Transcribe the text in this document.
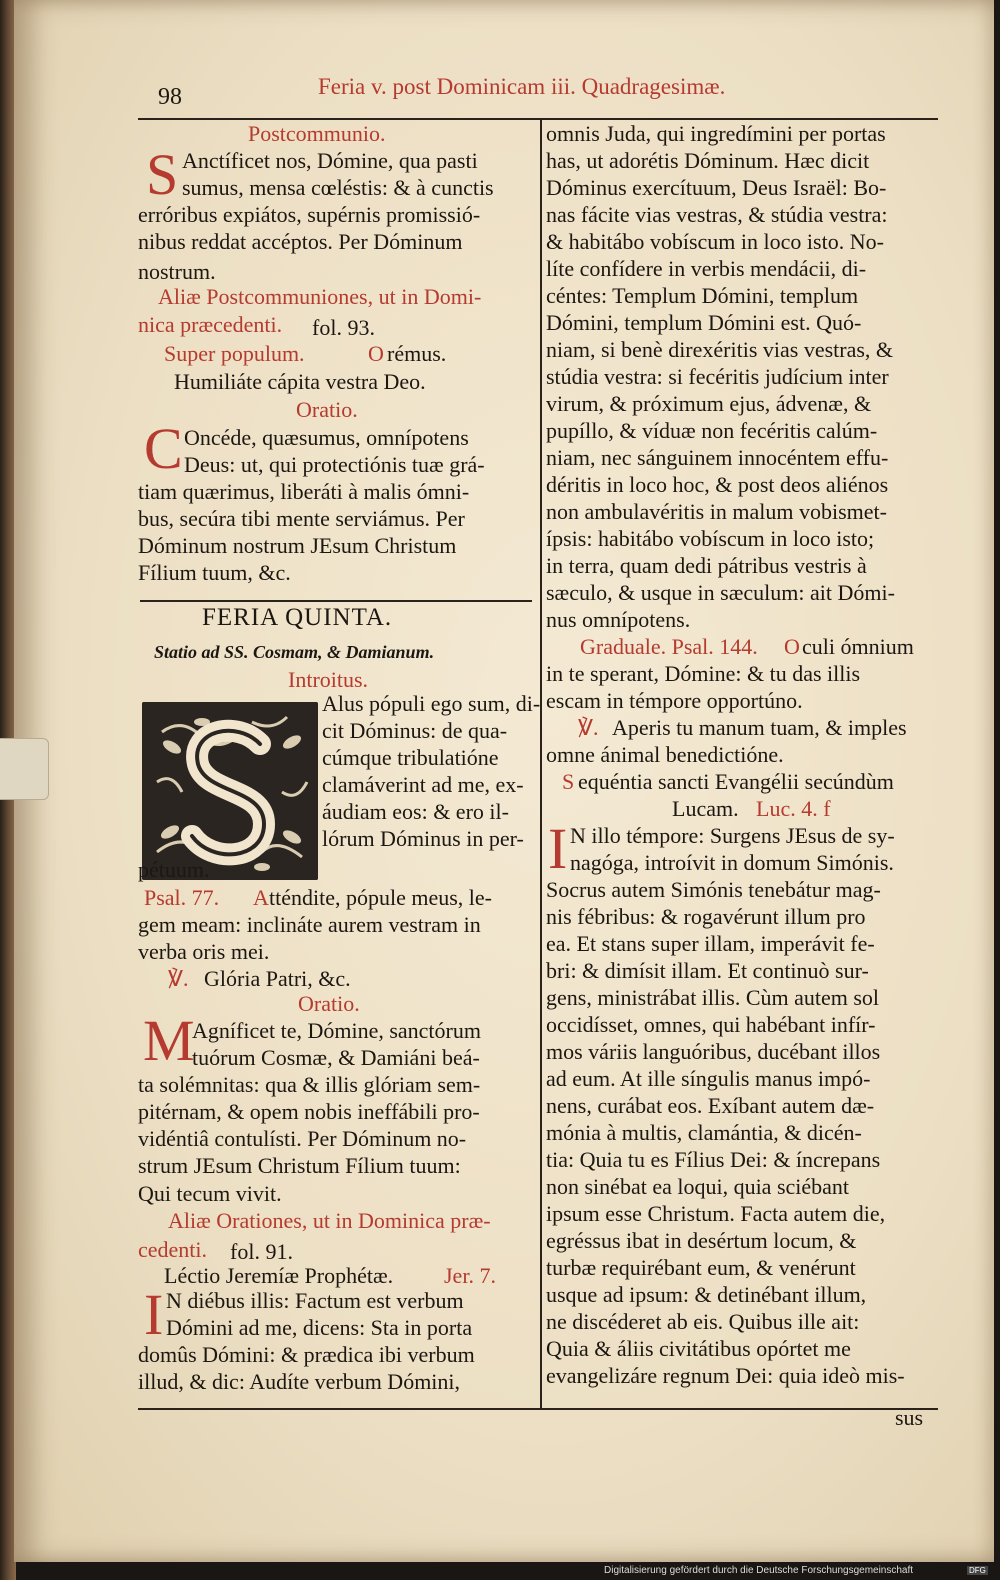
98	Feria v. post Dominicam iii. Quadragesimæ.
Postcommunio.
S Anctíficet nos, Dómine, qua pasti
sumus, mensa cœléstis: & à cunctis
erróribus expiátos, supérnis promissió-
nibus reddat accéptos. Per Dóminum
nostrum.
Aliæ Postcommuniones, ut in Domi-
nica præcedenti. fol. 93.
Super populum.	O rémus.
Humiliáte cápita vestra Deo.
Oratio.
C Oncéde, quæsumus, omnípotens
Deus: ut, qui protectiónis tuæ grá-
tiam quærimus, liberáti à malis ómni-
bus, secúra tibi mente serviámus. Per
Dóminum nostrum JEsum Christum
Fílium tuum, &c.
FERIA QUINTA.
Statio ad SS. Cosmam, & Damianum.
Introitus.
Alus pópuli ego sum, di-
cit Dóminus: de qua-
cúmque tribulatióne
clamáverint ad me, ex-
áudiam eos: & ero il-
lórum Dóminus in per-
pétuum.
Psal. 77. A tténdite, pópule meus, le-
gem meam: inclináte aurem vestram in
verba oris mei.
℣. Glória Patri, &c.
Oratio.
M
Agníficet te, Dómine, sanctórum
tuórum Cosmæ, & Damiáni beá-
ta solémnitas: qua & illis glóriam sem-
pitérnam, & opem nobis ineffábili pro-
vidéntiâ contulísti. Per Dóminum no-
strum JEsum Christum Fílium tuum:
Qui tecum vivit.
Aliæ Orationes, ut in Dominica præ-
cedenti. fol. 91.
Léctio Jeremíæ Prophétæ. Jer. 7.
I N diébus illis: Factum est verbum
Dómini ad me, dicens: Sta in porta
domûs Dómini: & prædica ibi verbum
illud, & dic: Audíte verbum Dómini,
omnis Juda, qui ingredímini per portas
has, ut adorétis Dóminum. Hæc dicit
Dóminus exercítuum, Deus Israël: Bo-
nas fácite vias vestras, & stúdia vestra:
& habitábo vobíscum in loco isto. No-
líte confídere in verbis mendácii, di-
céntes: Templum Dómini, templum
Dómini, templum Dómini est. Quó-
niam, si benè direxéritis vias vestras, &
stúdia vestra: si fecéritis judícium inter
virum, & próximum ejus, ádvenæ, &
pupíllo, & víduæ non fecéritis calúm-
niam, nec sánguinem innocéntem effu-
déritis in loco hoc, & post deos aliénos
non ambulavéritis in malum vobismet-
ípsis: habitábo vobíscum in loco isto;
in terra, quam dedi pátribus vestris à
sæculo, & usque in sæculum: ait Dómi-
nus omnípotens.
Graduale. Psal. 144. O culi ómnium
in te sperant, Dómine: & tu das illis
escam in témpore opportúno.
℣. Aperis tu manum tuam, & imples
omne ánimal benedictióne.
S equéntia sancti Evangélii secúndùm
Lucam. Luc. 4. f
I N illo témpore: Surgens JEsus de sy-
nagóga, introívit in domum Simónis.
Socrus autem Simónis tenebátur mag-
nis fébribus: & rogavérunt illum pro
ea. Et stans super illam, imperávit fe-
bri: & dimísit illam. Et continuò sur-
gens, ministrábat illis. Cùm autem sol
occidísset, omnes, qui habébant infír-
mos váriis languóribus, ducébant illos
ad eum. At ille síngulis manus impó-
nens, curábat eos. Exíbant autem dæ-
mónia à multis, clamántia, & dicén-
tia: Quia tu es Fílius Dei: & íncrepans
non sinébat ea loqui, quia sciébant
ipsum esse Christum. Facta autem die,
egréssus ibat in desértum locum, &
turbæ requirébant eum, & venérunt
usque ad ipsum: & detinébant illum,
ne discéderet ab eis. Quibus ille ait:
Quia & áliis civitátibus opórtet me
evangelizáre regnum Dei: quia ideò mis-
sus
Digitalisierung gefördert durch die Deutsche Forschungsgemeinschaft	DFG
